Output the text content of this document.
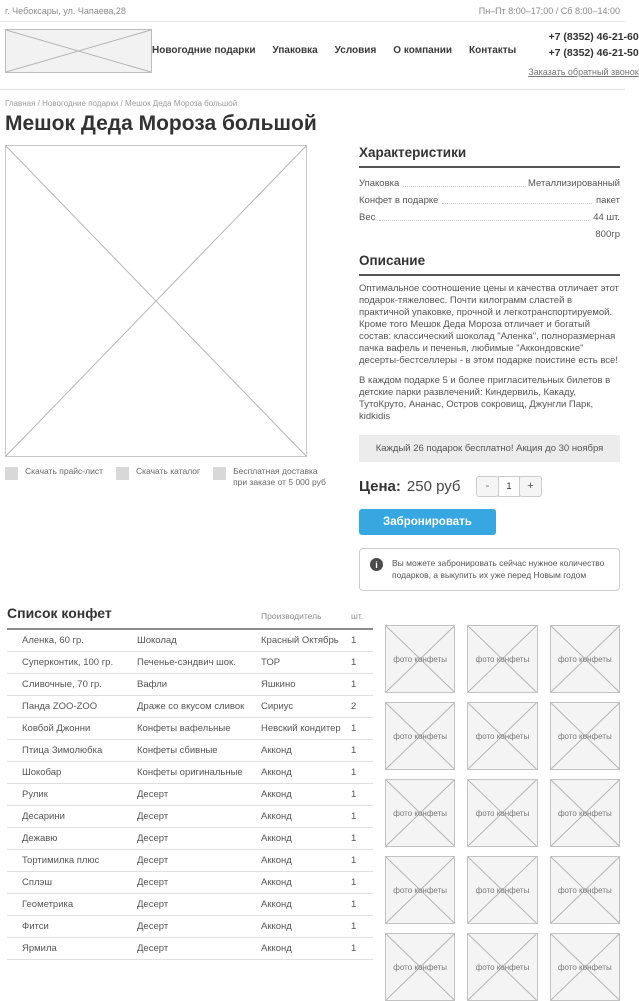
г. Чебоксары, ул. Чапаева,28	Пн–Пт 8:00–17:00 / Сб 8:00–14:00
Новогодние подарки Упаковка Условия О компании Контакты
+7 (8352) 46-21-60
+7 (8352) 46-21-50
Заказать обратный звонок
Главная / Новогодние подарки / Мешок Деда Мороза большой
Мешок Деда Мороза большой
Скачать прайс-лист	Скачать каталог	Бесплатная доставка
при заказе от 5 000 руб
Характеристики
Упаковка	Металлизированный
Конфет в подарке	пакет
Вес	44 шт.
800гр
Описание

Оптимальное соотношение цены и качества отличает этот подарок-тяжеловес. Почти килограмм сластей в практичной упаковке, прочной и легкотранспортируемой. Кроме того Мешок Деда Мороза отличает и богатый состав: классический шоколад "Аленка", полноразмерная пачка вафель и печенья, любимые "Аккондовские" десерты-бестселлеры - в этом подарке поистине есть все!

В каждом подарке 5 и более пригласительных билетов в детские парки развлечений: Киндервиль, Какаду, ТутоКруто, Ананас, Остров сокровищ, Джунгли Парк, kidkidis

Каждый 26 подарок бесплатно! Акция до 30 ноября
Цена: 250 руб	-
1	+
Забронировать
i	Вы можете забронировать сейчас нужное количество подарков, а выкупить их уже перед Новым годом
Список конфет	Производитель	шт.
Аленка, 60 гр.	Шоколад	Красный Октябрь	1
Суперконтик, 100 гр.	Печенье-сэндвич шок.	ТОР	1
Сливочные, 70 гр.	Вафли	Яшкино	1
Панда ZOO-ZOO	Драже со вкусом сливок	Сириус	2
Ковбой Джонни	Конфеты вафельные	Невский кондитер	1
Птица Зимолюбка	Конфеты сбивные	Акконд	1
Шокобар	Конфеты оригинальные	Акконд	1
Рулик	Десерт	Акконд	1
Десарини	Десерт	Акконд	1
Дежавю	Десерт	Акконд	1
Тортимилка плюс	Десерт	Акконд	1
Сплэш	Десерт	Акконд	1
Геометрика	Десерт	Акконд	1
Фитси	Десерт	Акконд	1
Ярмила	Десерт	Акконд	1
фото конфеты	фото конфеты	фото конфеты
фото конфеты	фото конфеты	фото конфеты
фото конфеты	фото конфеты	фото конфеты
фото конфеты	фото конфеты	фото конфеты
фото конфеты	фото конфеты	фото конфеты
